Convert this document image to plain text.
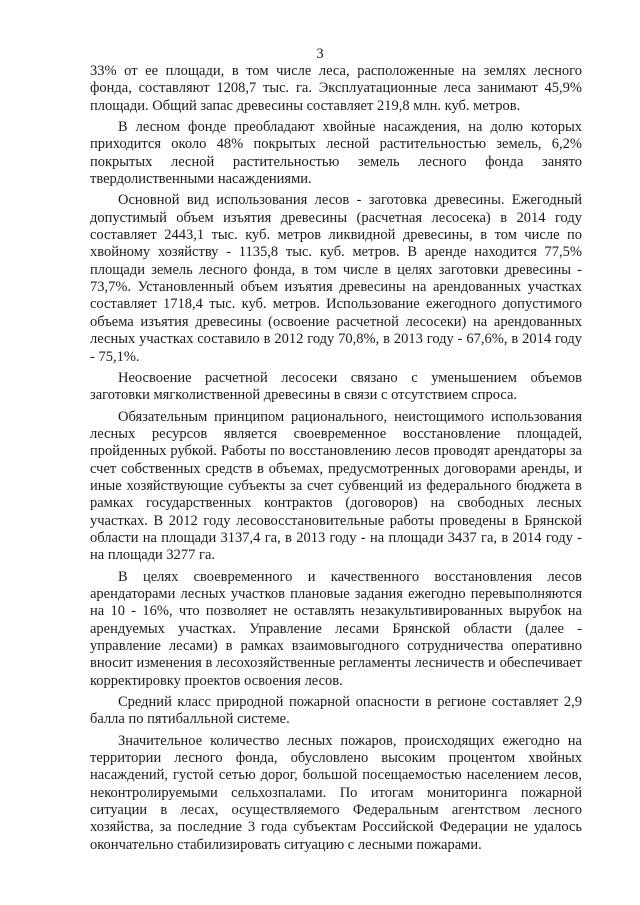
3

33% от ее площади, в том числе леса, расположенные на землях лесного фонда, составляют 1208,7 тыс. га. Эксплуатационные леса занимают 45,9% площади. Общий запас древесины составляет 219,8 млн. куб. метров.

В лесном фонде преобладают хвойные насаждения, на долю которых приходится около 48% покрытых лесной растительностью земель, 6,2% покрытых лесной растительностью земель лесного фонда занято твердолиственными насаждениями.

Основной вид использования лесов - заготовка древесины. Ежегодный допустимый объем изъятия древесины (расчетная лесосека) в 2014 году составляет 2443,1 тыс. куб. метров ликвидной древесины, в том числе по хвойному хозяйству - 1135,8 тыс. куб. метров. В аренде находится 77,5% площади земель лесного фонда, в том числе в целях заготовки древесины - 73,7%. Установленный объем изъятия древесины на арендованных участках составляет 1718,4 тыс. куб. метров. Использование ежегодного допустимого объема изъятия древесины (освоение расчетной лесосеки) на арендованных лесных участках составило в 2012 году 70,8%, в 2013 году - 67,6%, в 2014 году - 75,1%.

Неосвоение расчетной лесосеки связано с уменьшением объемов заготовки мягколиственной древесины в связи с отсутствием спроса.

Обязательным принципом рационального, неистощимого использования лесных ресурсов является своевременное восстановление площадей, пройденных рубкой. Работы по восстановлению лесов проводят арендаторы за счет собственных средств в объемах, предусмотренных договорами аренды, и иные хозяйствующие субъекты за счет субвенций из федерального бюджета в рамках государственных контрактов (договоров) на свободных лесных участках. В 2012 году лесовосстановительные работы проведены в Брянской области на площади 3137,4 га, в 2013 году - на площади 3437 га, в 2014 году - на площади 3277 га.

В целях своевременного и качественного восстановления лесов арендаторами лесных участков плановые задания ежегодно перевыполняются на 10 - 16%, что позволяет не оставлять незакультивированных вырубок на арендуемых участках. Управление лесами Брянской области (далее - управление лесами) в рамках взаимовыгодного сотрудничества оперативно вносит изменения в лесохозяйственные регламенты лесничеств и обеспечивает корректировку проектов освоения лесов.

Средний класс природной пожарной опасности в регионе составляет 2,9 балла по пятибалльной системе.

Значительное количество лесных пожаров, происходящих ежегодно на территории лесного фонда, обусловлено высоким процентом хвойных насаждений, густой сетью дорог, большой посещаемостью населением лесов, неконтролируемыми сельхозпалами. По итогам мониторинга пожарной ситуации в лесах, осуществляемого Федеральным агентством лесного хозяйства, за последние 3 года субъектам Российской Федерации не удалось окончательно стабилизировать ситуацию с лесными пожарами.
